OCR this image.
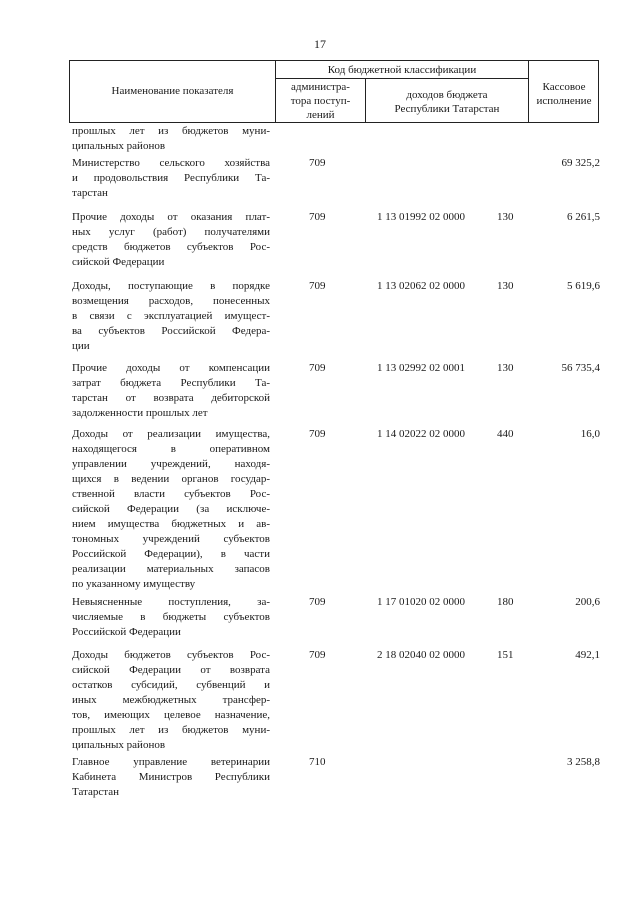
17
Наименование показателя
Код бюджетной классификации
администра-
тора поступ-
лений
доходов бюджета
Республики Татарстан
Кассовое
исполнение
прошлых лет из бюджетов муни-
ципальных районов
Министерство сельского хозяйства
и продовольствия Республики Та-
тарстан
709	69 325,2
Прочие доходы от оказания плат-
ных услуг (работ) получателями
средств бюджетов субъектов Рос-
сийской Федерации
709	1 13 01992 02 0000	130	6 261,5
Доходы, поступающие в порядке
возмещения расходов, понесенных
в связи с эксплуатацией имущест-
ва субъектов Российской Федера-
ции
709	1 13 02062 02 0000	130	5 619,6
Прочие доходы от компенсации
затрат бюджета Республики Та-
тарстан от возврата дебиторской
задолженности прошлых лет
709	1 13 02992 02 0001	130	56 735,4
Доходы от реализации имущества,
находящегося в оперативном
управлении учреждений, находя-
щихся в ведении органов государ-
ственной власти субъектов Рос-
сийской Федерации (за исключе-
нием имущества бюджетных и ав-
тономных учреждений субъектов
Российской Федерации), в части
реализации материальных запасов
по указанному имуществу
709	1 14 02022 02 0000	440	16,0
Невыясненные поступления, за-
числяемые в бюджеты субъектов
Российской Федерации
709	1 17 01020 02 0000	180	200,6
Доходы бюджетов субъектов Рос-
сийской Федерации от возврата
остатков субсидий, субвенций и
иных межбюджетных трансфер-
тов, имеющих целевое назначение,
прошлых лет из бюджетов муни-
ципальных районов
709	2 18 02040 02 0000	151	492,1
Главное управление ветеринарии
Кабинета Министров Республики
Татарстан
710	3 258,8
